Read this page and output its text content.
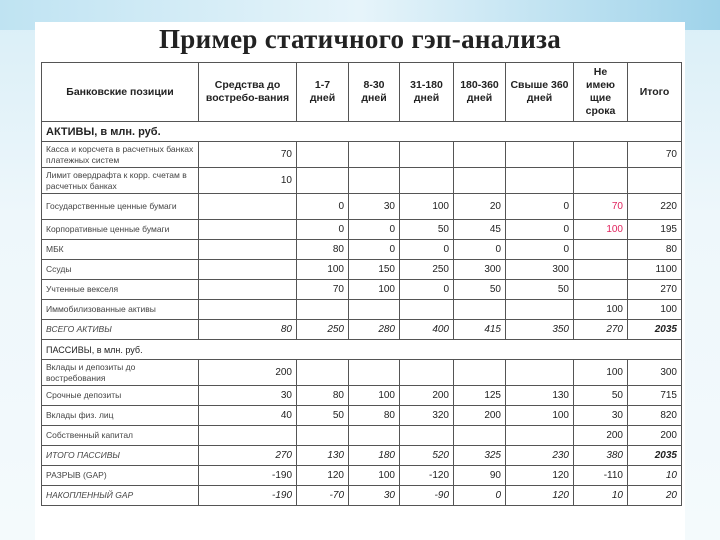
Пример статичного гэп-анализа
Банковские позиции	Средства до востребо-вания	1-7 дней	8-30 дней	31-180 дней	180-360 дней	Свыше 360 дней	Не имею щие срока	Итого
АКТИВЫ, в млн. руб.								
Касса и корсчета в расчетных банках платежных систем	70							70
Лимит овердрафта к корр. счетам в расчетных банках	10							
Государственные ценные бумаги		0	30	100	20	0	70	220
Корпоративные ценные бумаги		0	0	50	45	0	100	195
МБК		80	0	0	0	0		80
Ссуды		100	150	250	300	300		1100
Учтенные векселя		70	100	0	50	50		270
Иммобилизованные активы							100	100
ВСЕГО АКТИВЫ	80	250	280	400	415	350	270	2035
ПАССИВЫ, в млн. руб.								
Вклады и депозиты до востребования	200						100	300
Срочные депозиты	30	80	100	200	125	130	50	715
Вклады физ. лиц	40	50	80	320	200	100	30	820
Собственный капитал							200	200
ИТОГО ПАССИВЫ	270	130	180	520	325	230	380	2035
РАЗРЫВ (GAP)	-190	120	100	-120	90	120	-110	10
НАКОПЛЕННЫЙ GAP	-190	-70	30	-90	0	120	10	20
